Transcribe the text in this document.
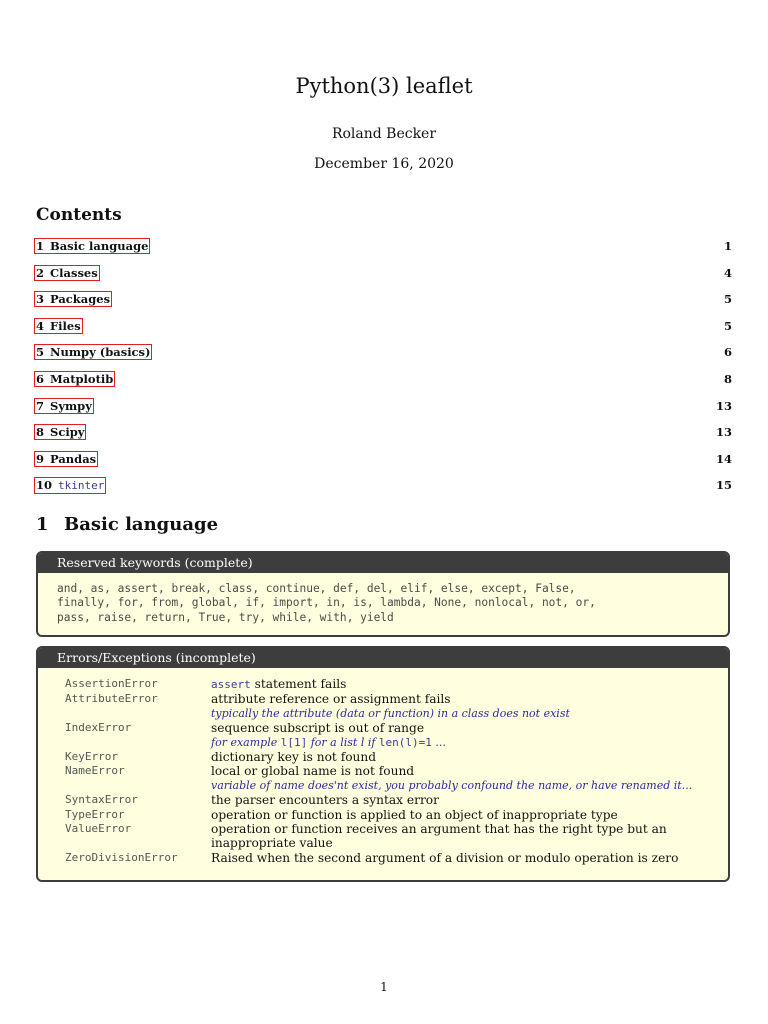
Python(3) leaflet
Roland Becker
December 16, 2020
Contents
1 Basic language	1
2 Classes	4
3 Packages	5
4 Files	5
5 Numpy (basics)	6
6 Matplotib	8
7 Sympy	13
8 Scipy	13
9 Pandas	14
10 tkinter	15
1 Basic language
Reserved keywords (complete)
and, as, assert, break, class, continue, def, del, elif, else, except, False,
finally, for, from, global, if, import, in, is, lambda, None, nonlocal, not, or,
pass, raise, return, True, try, while, with, yield
Errors/Exceptions (incomplete)
AssertionError	assert statement fails
AttributeError	attribute reference or assignment fails
typically the attribute (data or function) in a class does not exist
IndexError	sequence subscript is out of range
for example l[1] for a list l if len(l)=1 ...
KeyError	dictionary key is not found
NameError	local or global name is not found
variable of name does'nt exist, you probably confound the name, or have renamed it...
SyntaxError	the parser encounters a syntax error
TypeError	operation or function is applied to an object of inappropriate type
ValueError	operation or function receives an argument that has the right type but an inappropriate value
ZeroDivisionError	Raised when the second argument of a division or modulo operation is zero
1
